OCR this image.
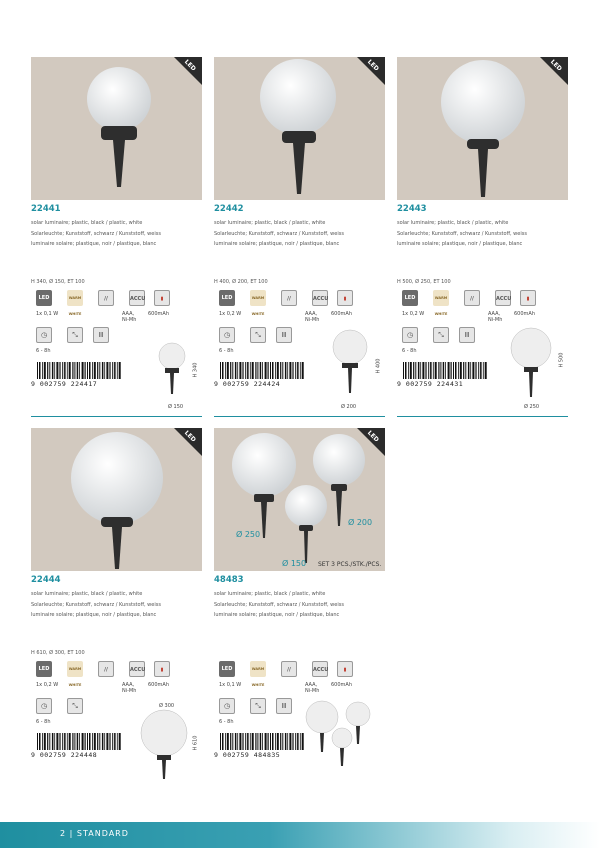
LED
22441
solar luminaire; plastic, black / plastic, white
Solarleuchte; Kunststoff, schwarz / Kunststoff, weiss
luminaire solaire; plastique, noir / plastique, blanc
H 340, Ø 150, ET 100
LED	WARM WHITE
//	ACCU	▮
1x 0,1 W	AAA, Ni-Mh
600mAh
◷	⤡	Ⅲ
6 - 8h
9 002759 224417
H 340
Ø 150
LED
22442
solar luminaire; plastic, black / plastic, white
Solarleuchte; Kunststoff, schwarz / Kunststoff, weiss
luminaire solaire; plastique, noir / plastique, blanc
H 400, Ø 200, ET 100
LED	WARM WHITE
//	ACCU	▮
1x 0,2 W	AAA, Ni-Mh
600mAh
◷	⤡	Ⅲ
6 - 8h
9 002759 224424
H 400
Ø 200
LED
22443
solar luminaire; plastic, black / plastic, white
Solarleuchte; Kunststoff, schwarz / Kunststoff, weiss
luminaire solaire; plastique, noir / plastique, blanc
H 500, Ø 250, ET 100
LED	WARM WHITE
//	ACCU	▮
1x 0,2 W	AAA, Ni-Mh
600mAh
◷	⤡	Ⅲ
6 - 8h
9 002759 224431
H 500
Ø 250
LED
22444
solar luminaire; plastic, black / plastic, white
Solarleuchte; Kunststoff, schwarz / Kunststoff, weiss
luminaire solaire; plastique, noir / plastique, blanc
H 610, Ø 300, ET 100
LED	WARM WHITE
//	ACCU	▮
1x 0,2 W	AAA, Ni-Mh
600mAh
◷	⤡
6 - 8h
9 002759 224448
Ø 300
H 610
LED
Ø 250
Ø 200
Ø 150 SET 3 PCS./STK./PCS.
48483
solar luminaire; plastic, black / plastic, white
Solarleuchte; Kunststoff, schwarz / Kunststoff, weiss
luminaire solaire; plastique, noir / plastique, blanc
LED	WARM WHITE
//	ACCU	▮
1x 0,1 W	AAA, Ni-Mh
600mAh
◷	⤡	Ⅲ
6 - 8h
9 002759 484835
2 | STANDARD
